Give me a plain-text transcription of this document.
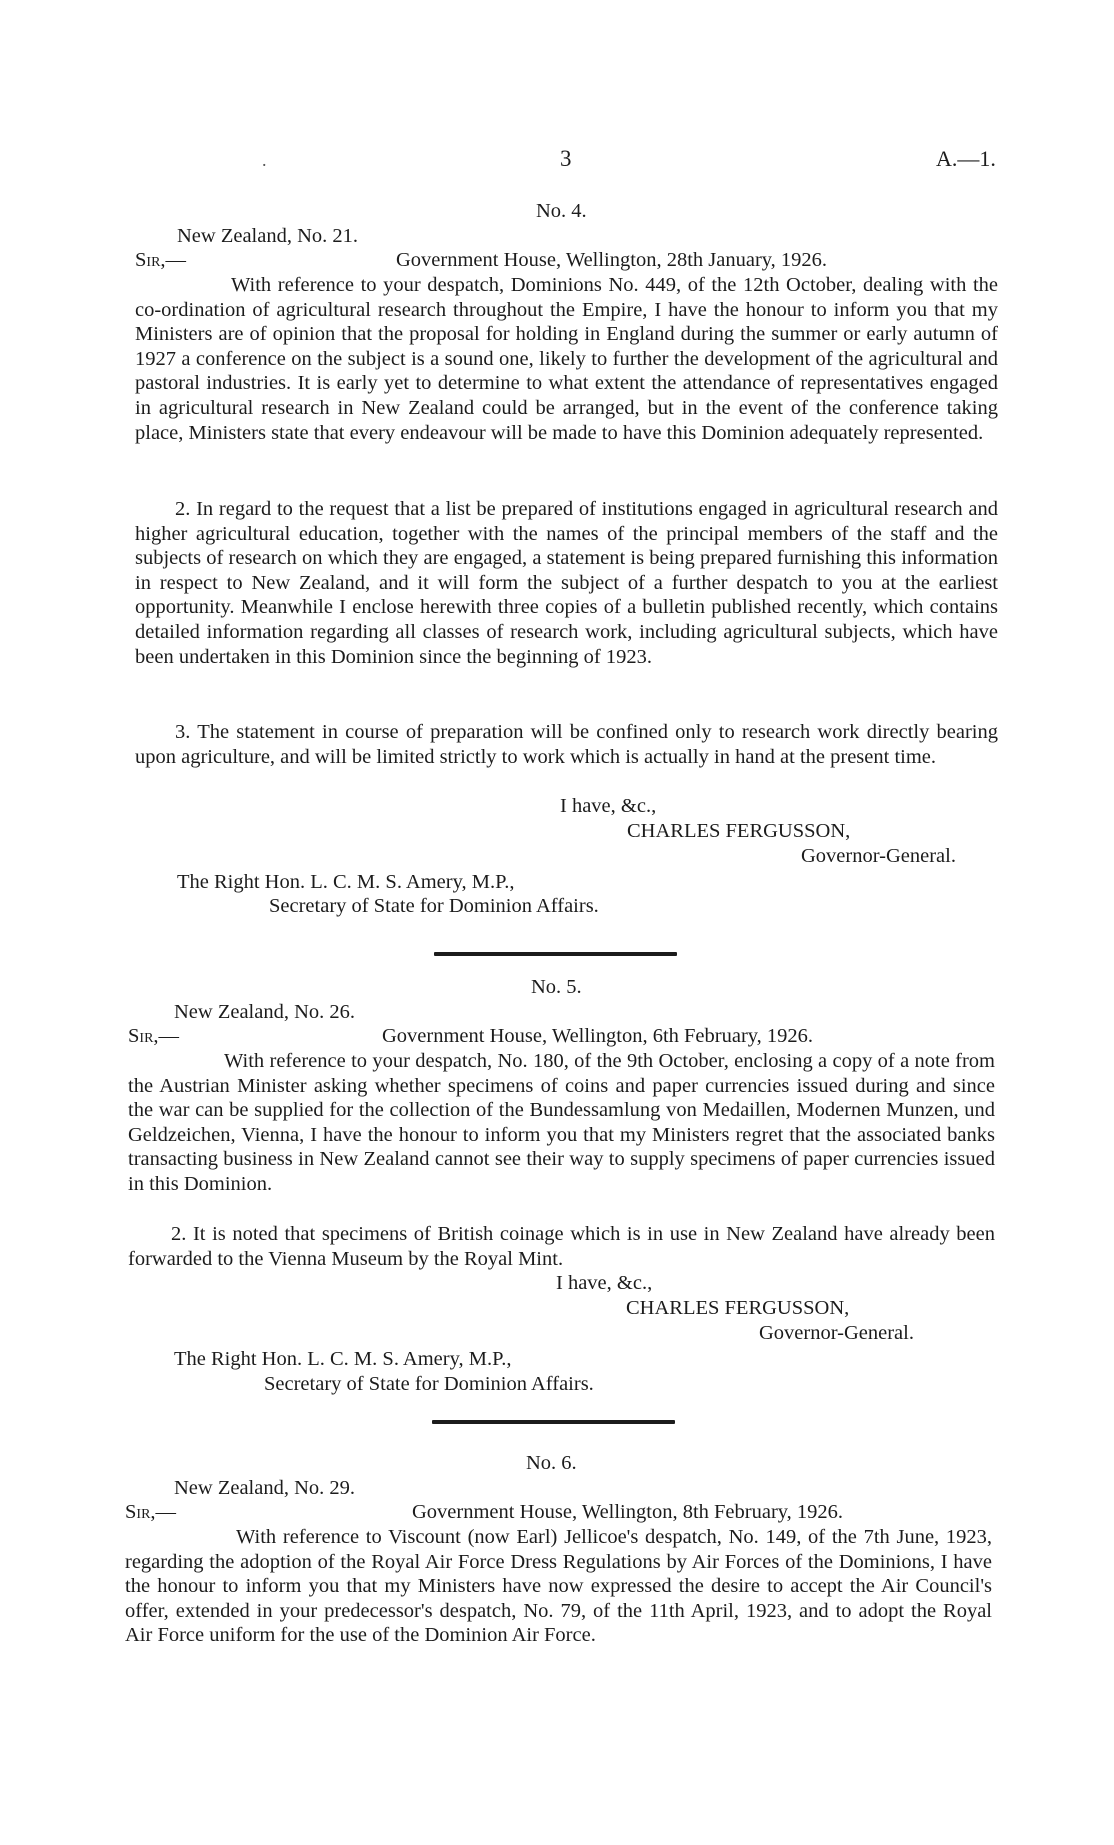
.	3	A.—1.
No. 4.
New Zealand, No. 21.
Sir,—	Government House, Wellington, 28th January, 1926.
With reference to your despatch, Dominions No. 449, of the 12th October, dealing with the co-ordination of agricultural research throughout the Empire, I have the honour to inform you that my Ministers are of opinion that the proposal for holding in England during the summer or early autumn of 1927 a conference on the subject is a sound one, likely to further the development of the agricultural and pastoral industries. It is early yet to determine to what extent the attendance of representatives engaged in agricultural research in New Zealand could be arranged, but in the event of the conference taking place, Ministers state that every endeavour will be made to have this Dominion adequately represented.
2. In regard to the request that a list be prepared of institutions engaged in agricultural research and higher agricultural education, together with the names of the principal members of the staff and the subjects of research on which they are engaged, a statement is being prepared furnishing this information in respect to New Zealand, and it will form the subject of a further despatch to you at the earliest opportunity. Meanwhile I enclose herewith three copies of a bulletin published recently, which contains detailed information regarding all classes of research work, including agricultural subjects, which have been undertaken in this Dominion since the beginning of 1923.
3. The statement in course of preparation will be confined only to research work directly bearing upon agriculture, and will be limited strictly to work which is actually in hand at the present time.
I have, &c.,
CHARLES FERGUSSON,
Governor-General.
The Right Hon. L. C. M. S. Amery, M.P.,
Secretary of State for Dominion Affairs.
No. 5.
New Zealand, No. 26.
Sir,—	Government House, Wellington, 6th February, 1926.
With reference to your despatch, No. 180, of the 9th October, enclosing a copy of a note from the Austrian Minister asking whether specimens of coins and paper currencies issued during and since the war can be supplied for the collection of the Bundessamlung von Medaillen, Modernen Munzen, und Geldzeichen, Vienna, I have the honour to inform you that my Ministers regret that the associated banks transacting business in New Zealand cannot see their way to supply specimens of paper currencies issued in this Dominion.
2. It is noted that specimens of British coinage which is in use in New Zealand have already been forwarded to the Vienna Museum by the Royal Mint.
I have, &c.,
CHARLES FERGUSSON,
Governor-General.
The Right Hon. L. C. M. S. Amery, M.P.,
Secretary of State for Dominion Affairs.
No. 6.
New Zealand, No. 29.
Sir,—	Government House, Wellington, 8th February, 1926.
With reference to Viscount (now Earl) Jellicoe's despatch, No. 149, of the 7th June, 1923, regarding the adoption of the Royal Air Force Dress Regulations by Air Forces of the Dominions, I have the honour to inform you that my Ministers have now expressed the desire to accept the Air Council's offer, extended in your predecessor's despatch, No. 79, of the 11th April, 1923, and to adopt the Royal Air Force uniform for the use of the Dominion Air Force.
